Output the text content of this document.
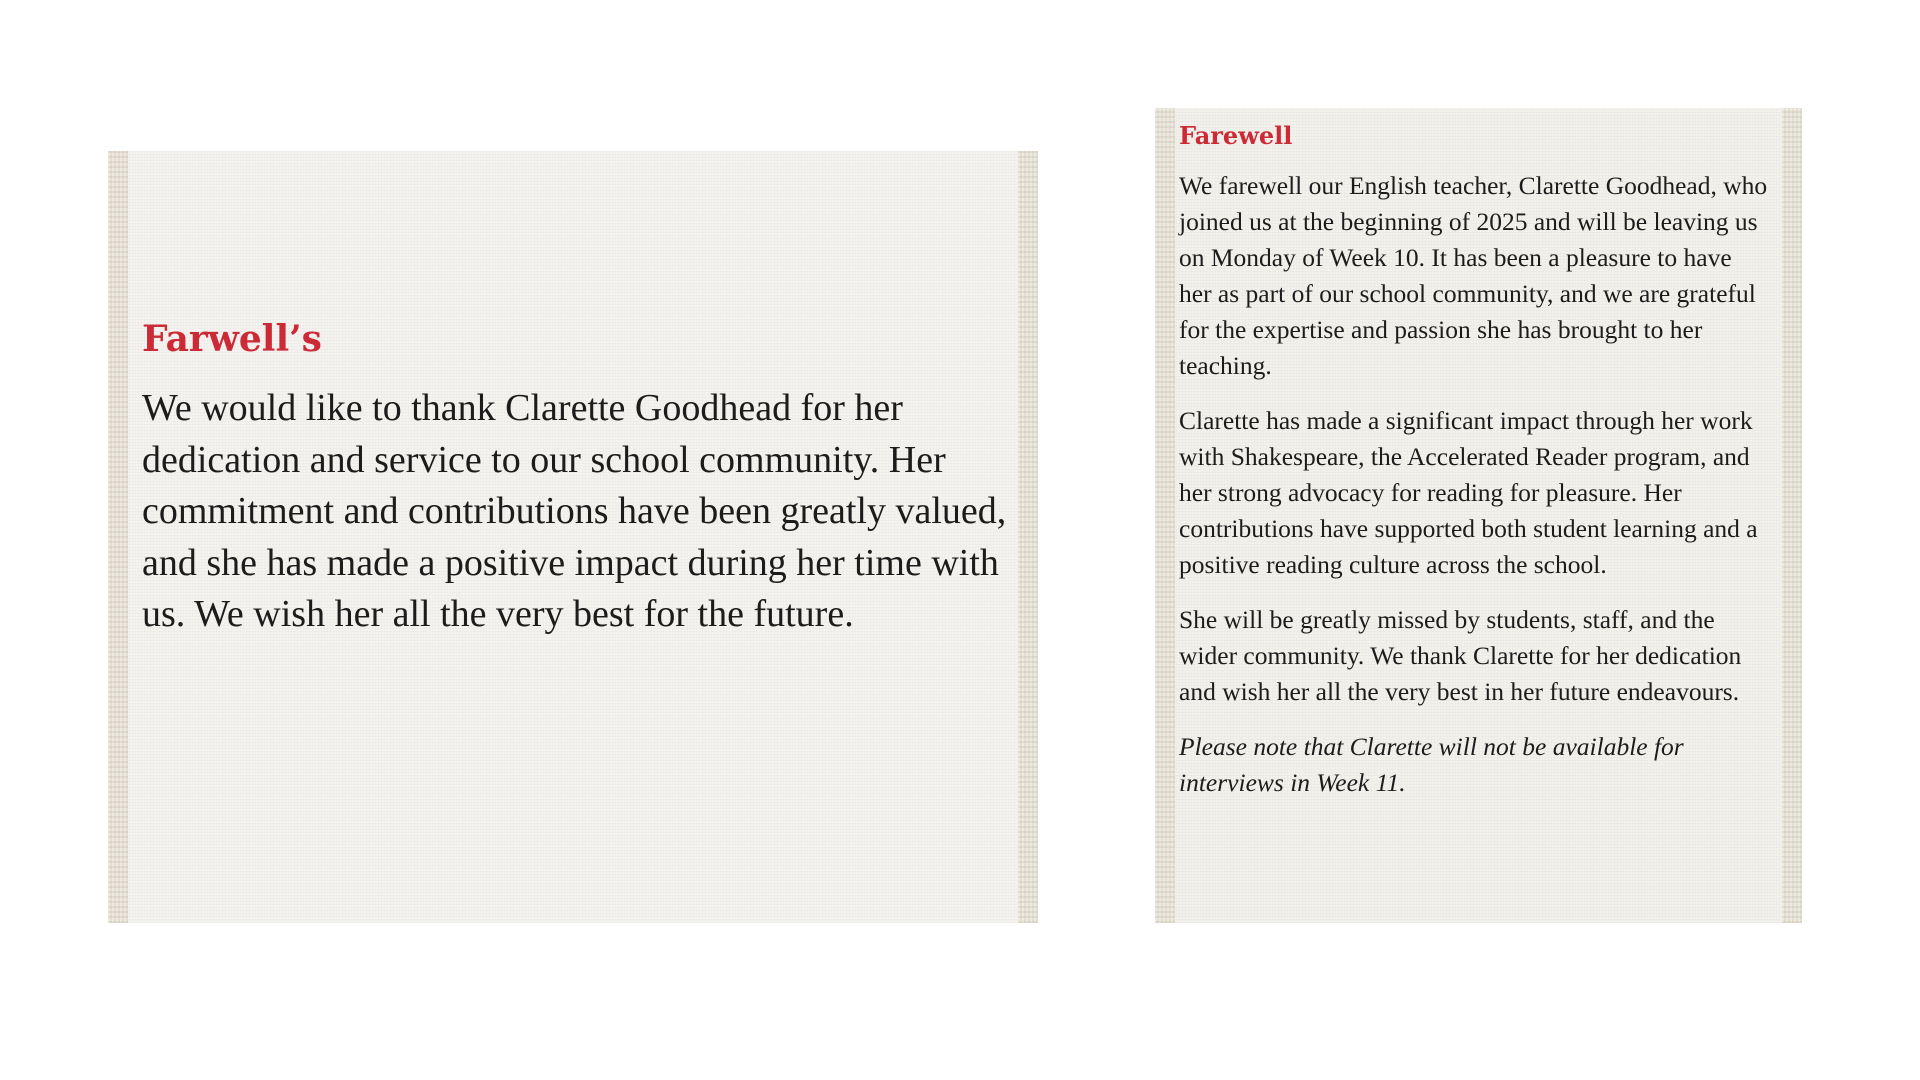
Farwell’s

We would like to thank Clarette Goodhead for her dedication and service to our school community. Her commitment and contributions have been greatly valued, and she has made a positive impact during her time with us. We wish her all the very best for the future.

Farewell

We farewell our English teacher, Clarette Goodhead, who joined us at the beginning of 2025 and will be leaving us on Monday of Week 10. It has been a pleasure to have her as part of our school community, and we are grateful for the expertise and passion she has brought to her teaching.

Clarette has made a significant impact through her work with Shakespeare, the Accelerated Reader program, and her strong advocacy for reading for pleasure. Her contributions have supported both student learning and a positive reading culture across the school.

She will be greatly missed by students, staff, and the wider community. We thank Clarette for her dedication and wish her all the very best in her future endeavours.

Please note that Clarette will not be available for interviews in Week 11.
